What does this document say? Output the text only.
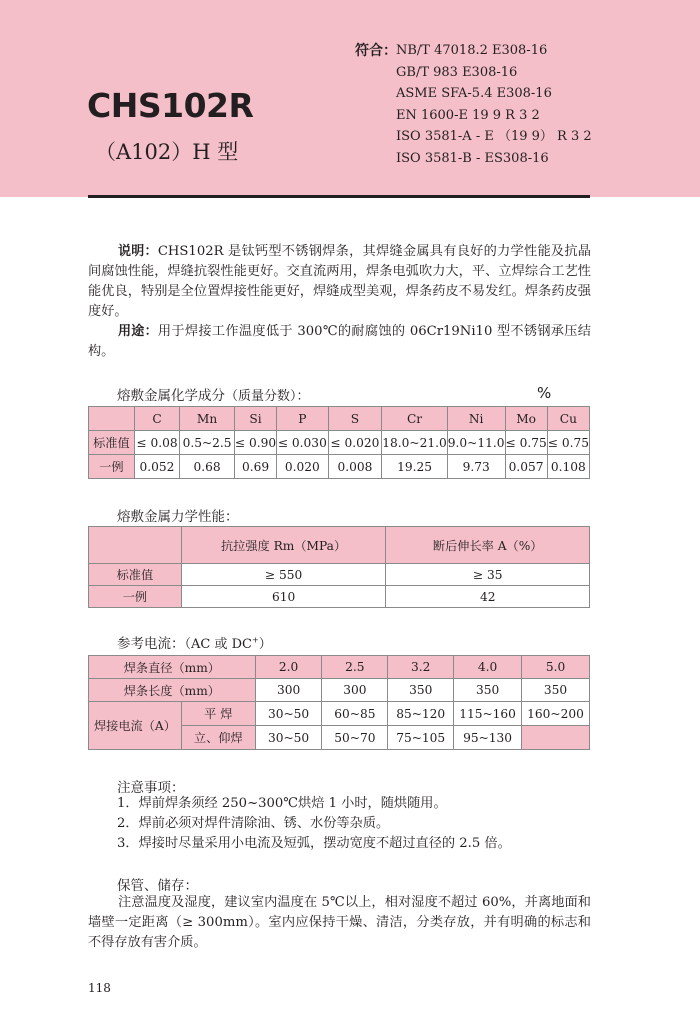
CHS102R
（A102）H 型
符合： NB/T 47018.2 E308-16
GB/T 983 E308-16
ASME SFA-5.4 E308-16
EN 1600-E 19 9 R 3 2
ISO 3581-A - E （19 9） R 3 2
ISO 3581-B - ES308-16
说明：CHS102R 是钛钙型不锈钢焊条，其焊缝金属具有良好的力学性能及抗晶间腐蚀性能，焊缝抗裂性能更好。交直流两用，焊条电弧吹力大，平、立焊综合工艺性能优良，特别是全位置焊接性能更好，焊缝成型美观，焊条药皮不易发红。焊条药皮强度好。
用途：用于焊接工作温度低于 300℃的耐腐蚀的 06Cr19Ni10 型不锈钢承压结构。
熔敷金属化学成分（质量分数）：	%
	C	Mn	Si	P	S	Cr	Ni	Mo	Cu
标准值	≤ 0.08	0.5~2.5	≤ 0.90	≤ 0.030	≤ 0.020	18.0~21.0	9.0~11.0	≤ 0.75	≤ 0.75
一例	0.052	0.68	0.69	0.020	0.008	19.25	9.73	0.057	0.108
熔敷金属力学性能：
	抗拉强度 Rm（MPa）	断后伸长率 A（%）
标准值	≥ 550	≥ 35
一例	610	42
参考电流：（AC 或 DC+）
焊条直径（mm）		2.0	2.5	3.2	4.0	5.0
焊条长度（mm）		300	300	350	350	350
焊接电流（A）	平 焊	30~50	60~85	85~120	115~160	160~200
	立、仰焊	30~50	50~70	75~105	95~130	
注意事项：
1．焊前焊条须经 250~300℃烘焙 1 小时，随烘随用。
2．焊前必须对焊件清除油、锈、水份等杂质。
3．焊接时尽量采用小电流及短弧，摆动宽度不超过直径的 2.5 倍。
保管、储存：
注意温度及湿度，建议室内温度在 5℃以上，相对湿度不超过 60%，并离地面和墙壁一定距离（≥ 300mm）。室内应保持干燥、清洁，分类存放，并有明确的标志和不得存放有害介质。
118
